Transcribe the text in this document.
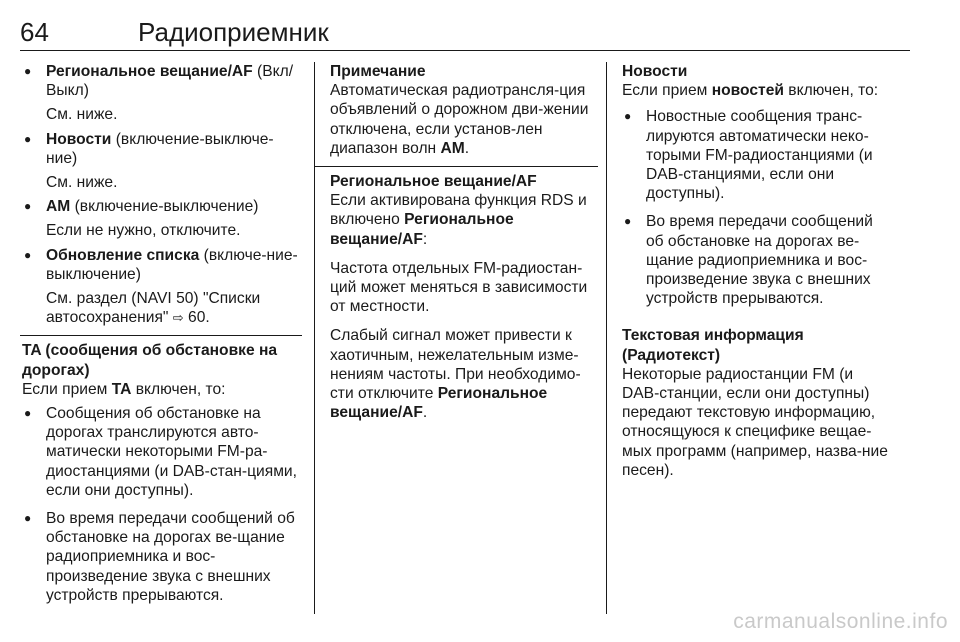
64	Радиоприемник
● Региональное вещание/AF (Вкл/Выкл)
См. ниже.
● Новости (включение-выключе-ние)
См. ниже.
● AM (включение-выключение)
Если не нужно, отключите.
● Обновление списка (включе-ние-выключение)
См. раздел (NAVI 50) "Списки автосохранения" ⇨ 60.
TA (сообщения об обстановке на дорогах)

Если прием TA включен, то:

● Сообщения об обстановке на дорогах транслируются авто-матически некоторыми FM-ра-диостанциями (и DAB-стан-циями, если они доступны).
● Во время передачи сообщений об обстановке на дорогах ве-щание радиоприемника и вос-произведение звука с внешних устройств прерываются.
Примечание

Автоматическая радиотрансля-ция объявлений о дорожном дви-жении отключена, если установ-лен диапазон волн AM.

Региональное вещание/AF

Если активирована функция RDS и включено Региональное вещание/AF:

Частота отдельных FM-радиостан-ций может меняться в зависимости от местности.

Слабый сигнал может привести к хаотичным, нежелательным изме-нениям частоты. При необходимо-сти отключите Региональное вещание/AF.

Новости

Если прием новостей включен, то:

● Новостные сообщения транс-лируются автоматически неко-торыми FM-радиостанциями (и DAB-станциями, если они доступны).
● Во время передачи сообщений об обстановке на дорогах ве-щание радиоприемника и вос-произведение звука с внешних устройств прерываются.
Текстовая информация (Радиотекст)

Некоторые радиостанции FM (и DAB-станции, если они доступны) передают текстовую информацию, относящуюся к специфике вещае-мых программ (например, назва-ние песен).

carmanualsonline.info
